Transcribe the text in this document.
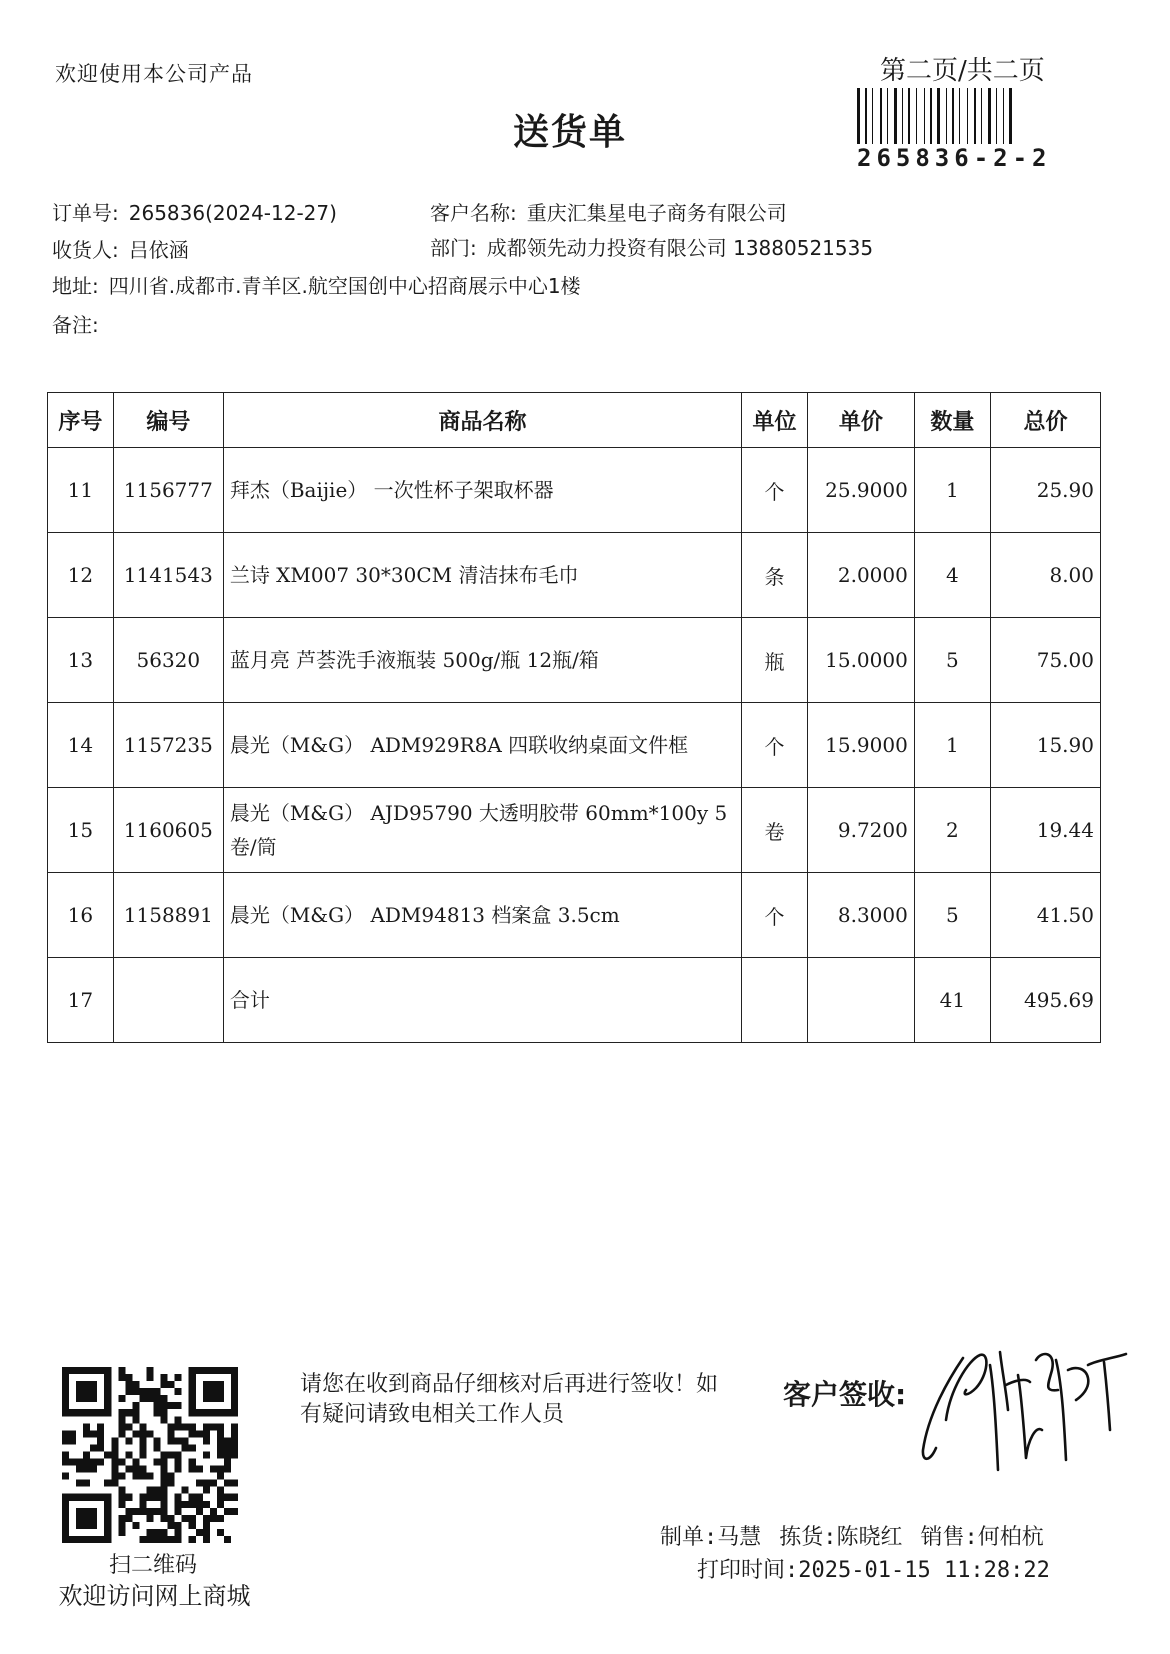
欢迎使用本公司产品	第二页/共二页
265836-2-2
送货单
订单号: 265836(2024-12-27)	客户名称: 重庆汇集星电子商务有限公司
收货人: 吕依涵	部门: 成都领先动力投资有限公司 13880521535
地址: 四川省.成都市.青羊区.航空国创中心招商展示中心1楼
备注:
序号	编号	商品名称	单位	单价	数量	总价
11	1156777	拜杰（Baijie） 一次性杯子架取杯器	个	25.9000	1	25.90
12	1141543	兰诗 XM007 30*30CM 清洁抹布毛巾	条	2.0000	4	8.00
13	56320	蓝月亮 芦荟洗手液瓶装 500g/瓶 12瓶/箱	瓶	15.0000	5	75.00
14	1157235	晨光（M&G） ADM929R8A 四联收纳桌面文件框	个	15.9000	1	15.90
15	1160605	晨光（M&G） AJD95790 大透明胶带 60mm*100y 5卷/筒	卷	9.7200	2	19.44
16	1158891	晨光（M&G） ADM94813 档案盒 3.5cm	个	8.3000	5	41.50
17		合计			41	495.69
扫二维码
欢迎访问网上商城
请您在收到商品仔细核对后再进行签收！如有疑问请致电相关工作人员
客户签收:
制单:马慧 拣货:陈晓红 销售:何柏杭
打印时间:2025-01-15 11:28:22
